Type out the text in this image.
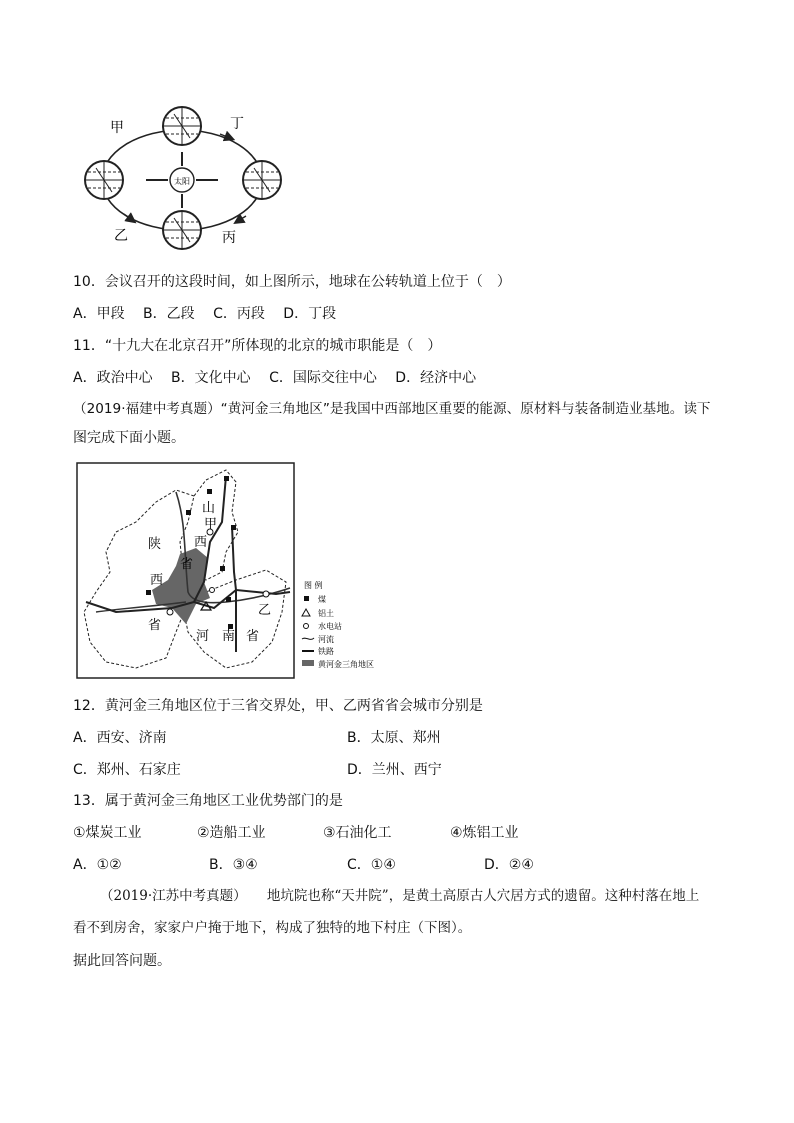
太阳
甲	丁
乙	丙
10．会议召开的这段时间，如上图所示，地球在公转轨道上位于（　）
A．甲段　 B．乙段　 C．丙段　 D．丁段
11．“十九大在北京召开”所体现的北京的城市职能是（　）
A．政治中心　 B．文化中心　 C．国际交往中心　 D．经济中心
（2019·福建中考真题）“黄河金三角地区”是我国中西部地区重要的能源、原材料与装备制造业基地。读下
图完成下面小题。
山
甲
西
省
陕
西
省
河 南 省
乙
图 例
煤
铝土
水电站
河流
铁路
黄河金三角地区
12．黄河金三角地区位于三省交界处，甲、乙两省省会城市分别是
A．西安、济南	B．太原、郑州
C．郑州、石家庄	D．兰州、西宁
13．属于黄河金三角地区工业优势部门的是
①煤炭工业	②造船工业	③石油化工	④炼铝工业
A．①②	B．③④	C．①④	D．②④
（2019·江苏中考真题）　　地坑院也称“天井院”，是黄土高原古人穴居方式的遗留。这种村落在地上
看不到房舍，家家户户掩于地下，构成了独特的地下村庄（下图）。
据此回答问题。
